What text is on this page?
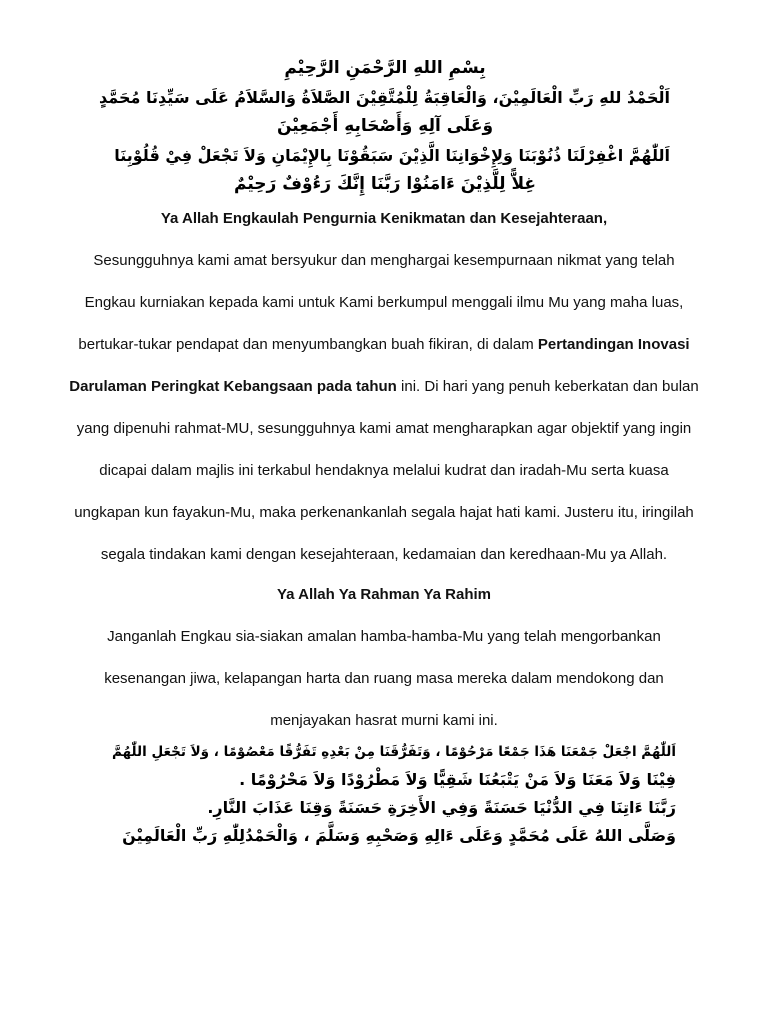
بِسْمِ اللهِ الرَّحْمَنِ الرَّحِيْمِ
اَلْحَمْدُ للهِ رَبِّ الْعَالَمِيْنَ، وَالْعَاقِبَةُ لِلْمُتَّقِيْنَ الصَّلاَةُ وَالسَّلاَمُ عَلَى سَيِّدِنَا مُحَمَّدٍ
وَعَلَى آلِهِ وَأَصْحَابِهِ أَجْمَعِيْنَ
اَللّٰهُمَّ اغْفِرْلَنَا ذُنُوْبَنَا وَلِإِخْوَانِنَا الَّذِيْنَ سَبَقُوْنَا بِالإِيْمَانِ وَلاَ تَجْعَلْ فِيْ قُلُوْبِنَا
غِلاًّ لِلَّذِيْنَ ءَامَنُوْا رَبَّنَا إِنَّكَ رَءُوْفٌ رَحِيْمٌ
Ya Allah Engkaulah Pengurnia Kenikmatan dan Kesejahteraan,
Sesungguhnya kami amat bersyukur dan menghargai kesempurnaan nikmat yang telah
Engkau kurniakan kepada kami untuk Kami berkumpul menggali ilmu Mu yang maha luas,
bertukar-tukar pendapat dan menyumbangkan buah fikiran, di dalam Pertandingan Inovasi
Darulaman Peringkat Kebangsaan pada tahun ini. Di hari yang penuh keberkatan dan bulan
yang dipenuhi rahmat-MU, sesungguhnya kami amat mengharapkan agar objektif yang ingin
dicapai dalam majlis ini terkabul hendaknya melalui kudrat dan iradah-Mu serta kuasa
ungkapan kun fayakun-Mu, maka perkenankanlah segala hajat hati kami. Justeru itu, iringilah
segala tindakan kami dengan kesejahteraan, kedamaian dan keredhaan-Mu ya Allah.
Ya Allah Ya Rahman Ya Rahim
Janganlah Engkau sia-siakan amalan hamba-hamba-Mu yang telah mengorbankan
kesenangan jiwa, kelapangan harta dan ruang masa mereka dalam mendokong dan
menjayakan hasrat murni kami ini.
اَللّٰهُمَّ اجْعَلْ جَمْعَنَا هَذَا جَمْعًا مَرْحُوْمًا ، وَتَفَرُّقَنَا مِنْ بَعْدِهِ تَفَرُّقًا مَعْصُوْمًا ، وَلاَ تَجْعَلِ اللّٰهُمَّ
فِيْنَا وَلاَ مَعَنَا وَلاَ مَنْ يَتْبَعُنَا شَقِيًّا وَلاَ مَطْرُوْدًا وَلاَ مَحْرُوْمًا .
رَبَّنَا ءَاتِنَا فِي الدُّنْيَا حَسَنَةً وَفِي الأَخِرَةِ حَسَنَةً وَقِنَا عَذَابَ النَّارِ.
وَصَلَّى اللهُ عَلَى مُحَمَّدٍ وَعَلَى ءَالِهِ وَصَحْبِهِ وَسَلَّمَ ، وَالْحَمْدُلِلّٰهِ رَبِّ الْعَالَمِيْنَ
